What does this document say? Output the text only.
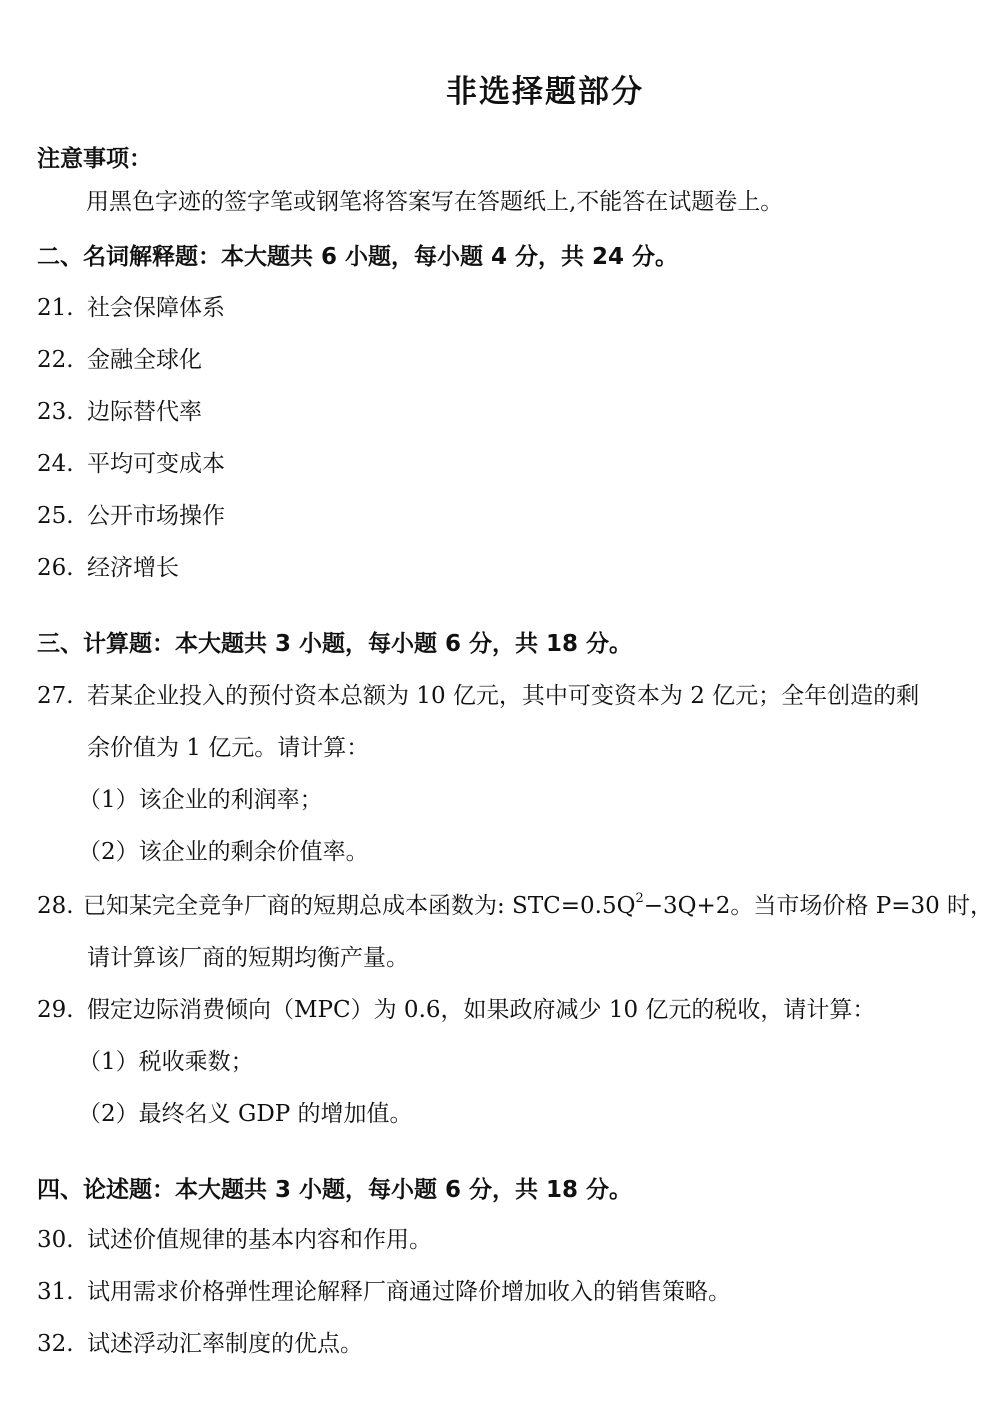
非选择题部分
注意事项：
用黑色字迹的签字笔或钢笔将答案写在答题纸上,不能答在试题卷上。
二、名词解释题：本大题共 6 小题，每小题 4 分，共 24 分。
21. 社会保障体系
22. 金融全球化
23. 边际替代率
24. 平均可变成本
25. 公开市场操作
26. 经济增长
三、计算题：本大题共 3 小题，每小题 6 分，共 18 分。
27. 若某企业投入的预付资本总额为 10 亿元，其中可变资本为 2 亿元；全年创造的剩
余价值为 1 亿元。请计算：
（1）该企业的利润率；
（2）该企业的剩余价值率。
28. 已知某完全竞争厂商的短期总成本函数为: $STC=0.5Q^2-3Q+2$。当市场价格 P=30 时，
请计算该厂商的短期均衡产量。
29. 假定边际消费倾向（MPC）为 0.6，如果政府减少 10 亿元的税收，请计算：
（1）税收乘数；
（2）最终名义 GDP 的增加值。
四、论述题：本大题共 3 小题，每小题 6 分，共 18 分。
30. 试述价值规律的基本内容和作用。
31. 试用需求价格弹性理论解释厂商通过降价增加收入的销售策略。
32. 试述浮动汇率制度的优点。
